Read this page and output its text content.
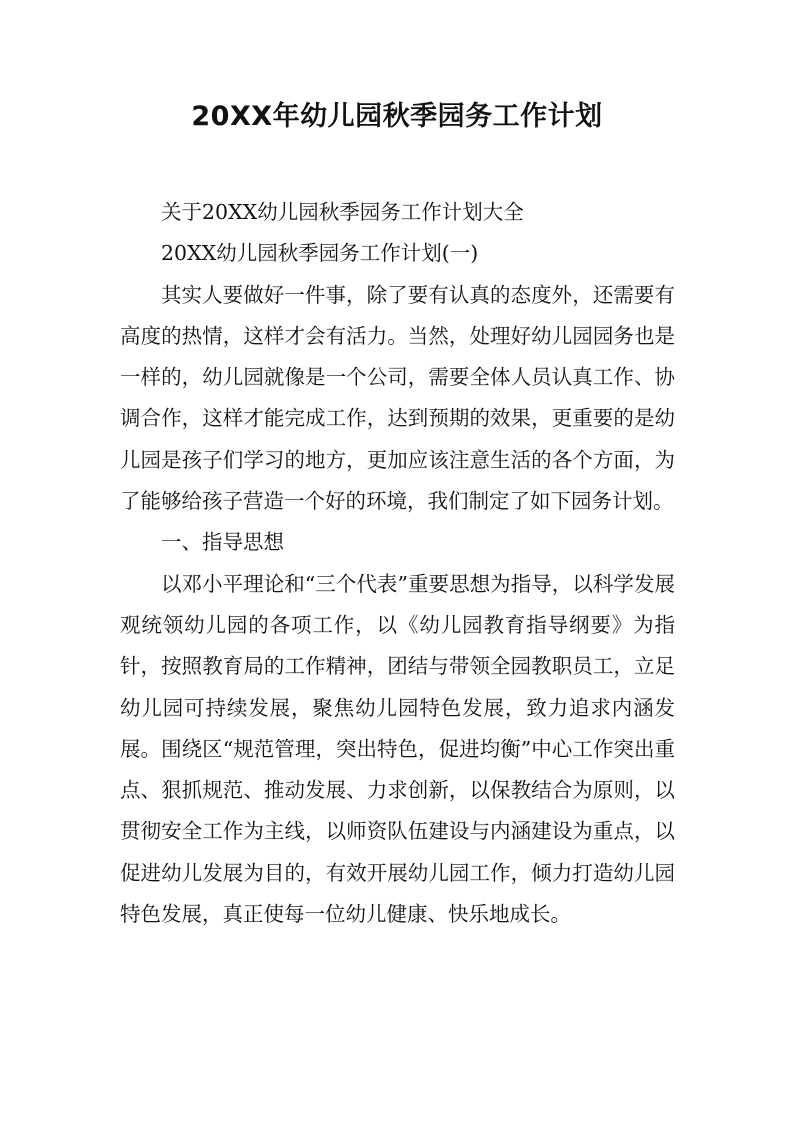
20XX年幼儿园秋季园务工作计划

关于20XX幼儿园秋季园务工作计划大全

20XX幼儿园秋季园务工作计划(一)

其实人要做好一件事，除了要有认真的态度外，还需要有高度的热情，这样才会有活力。当然，处理好幼儿园园务也是一样的，幼儿园就像是一个公司，需要全体人员认真工作、协调合作，这样才能完成工作，达到预期的效果，更重要的是幼儿园是孩子们学习的地方，更加应该注意生活的各个方面，为了能够给孩子营造一个好的环境，我们制定了如下园务计划。

一、指导思想

以邓小平理论和“三个代表”重要思想为指导，以科学发展观统领幼儿园的各项工作，以《幼儿园教育指导纲要》为指针，按照教育局的工作精神，团结与带领全园教职员工，立足幼儿园可持续发展，聚焦幼儿园特色发展，致力追求内涵发展。围绕区“规范管理，突出特色，促进均衡”中心工作突出重点、狠抓规范、推动发展、力求创新，以保教结合为原则，以贯彻安全工作为主线，以师资队伍建设与内涵建设为重点，以促进幼儿发展为目的，有效开展幼儿园工作，倾力打造幼儿园特色发展，真正使每一位幼儿健康、快乐地成长。
